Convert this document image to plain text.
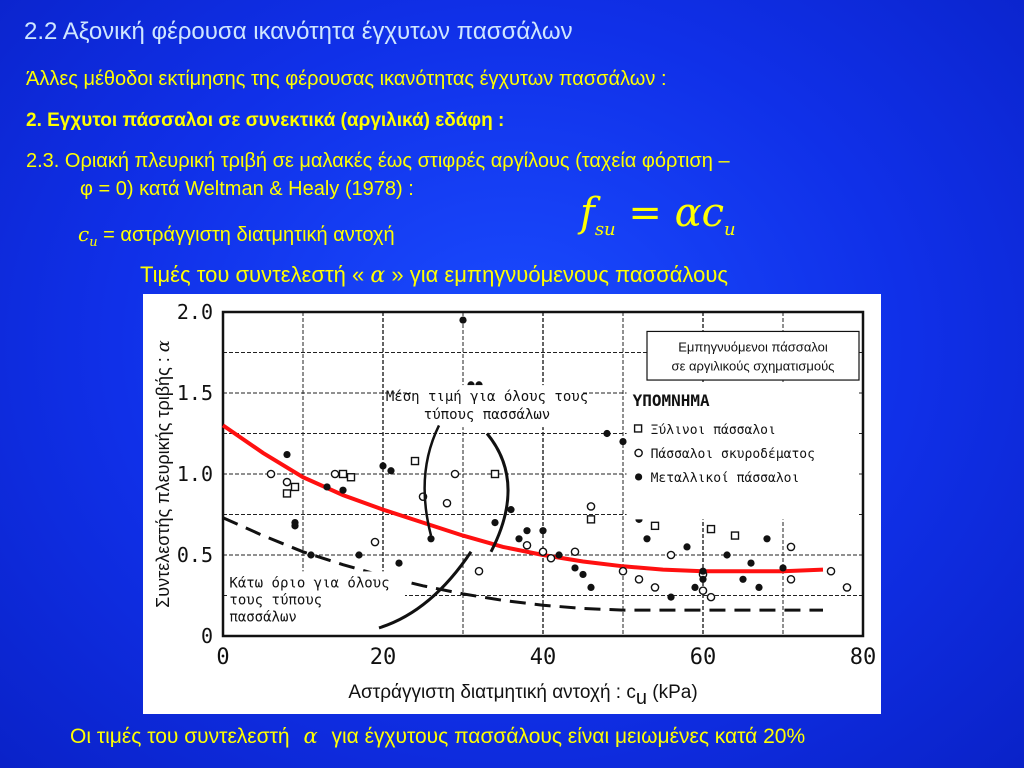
2.2 Αξονική φέρουσα ικανότητα έγχυτων πασσάλων
Άλλες μέθοδοι εκτίμησης της φέρουσας ικανότητας έγχυτων πασσάλων :
2. Εγχυτοι πάσσαλοι σε συνεκτικά (αργιλικά) εδάφη :
2.3. Οριακή πλευρική τριβή σε μαλακές έως στιφρές αργίλους (ταχεία φόρτιση –
φ = 0) κατά Weltman & Healy (1978) :
$c_u = \alpha\sigma\tau\rho ά\gamma\gamma\iota\sigma\tau\eta$ διατμητική αντοχή	$f_{su} = \alpha c_u$
Τιμές του συντελεστή « α » για εμπηγνυόμενους πασσάλους
0	20	40	60	80
0
0.5
1.0
1.5
2.0
Εμπηγνυόμενοι πάσσαλοι
σε αργιλικούς σχηματισμούς
ΥΠΟΜΝΗΜΑ
Ξύλινοι πάσσαλοι
Πάσσαλοι σκυροδέματος
Μεταλλικοί πάσσαλοι
Μέση τιμή για όλους τους
τύπους πασσάλων
Κάτω όριο για όλους
τους τύπους
πασσάλων
Συντελεστής πλευρικής τριβής : α
Αστράγγιστη διατμητική αντοχή : cu (kPa)
Οι τιμές του συντελεστή α για έγχυτους πασσάλους είναι μειωμένες κατά 20%
